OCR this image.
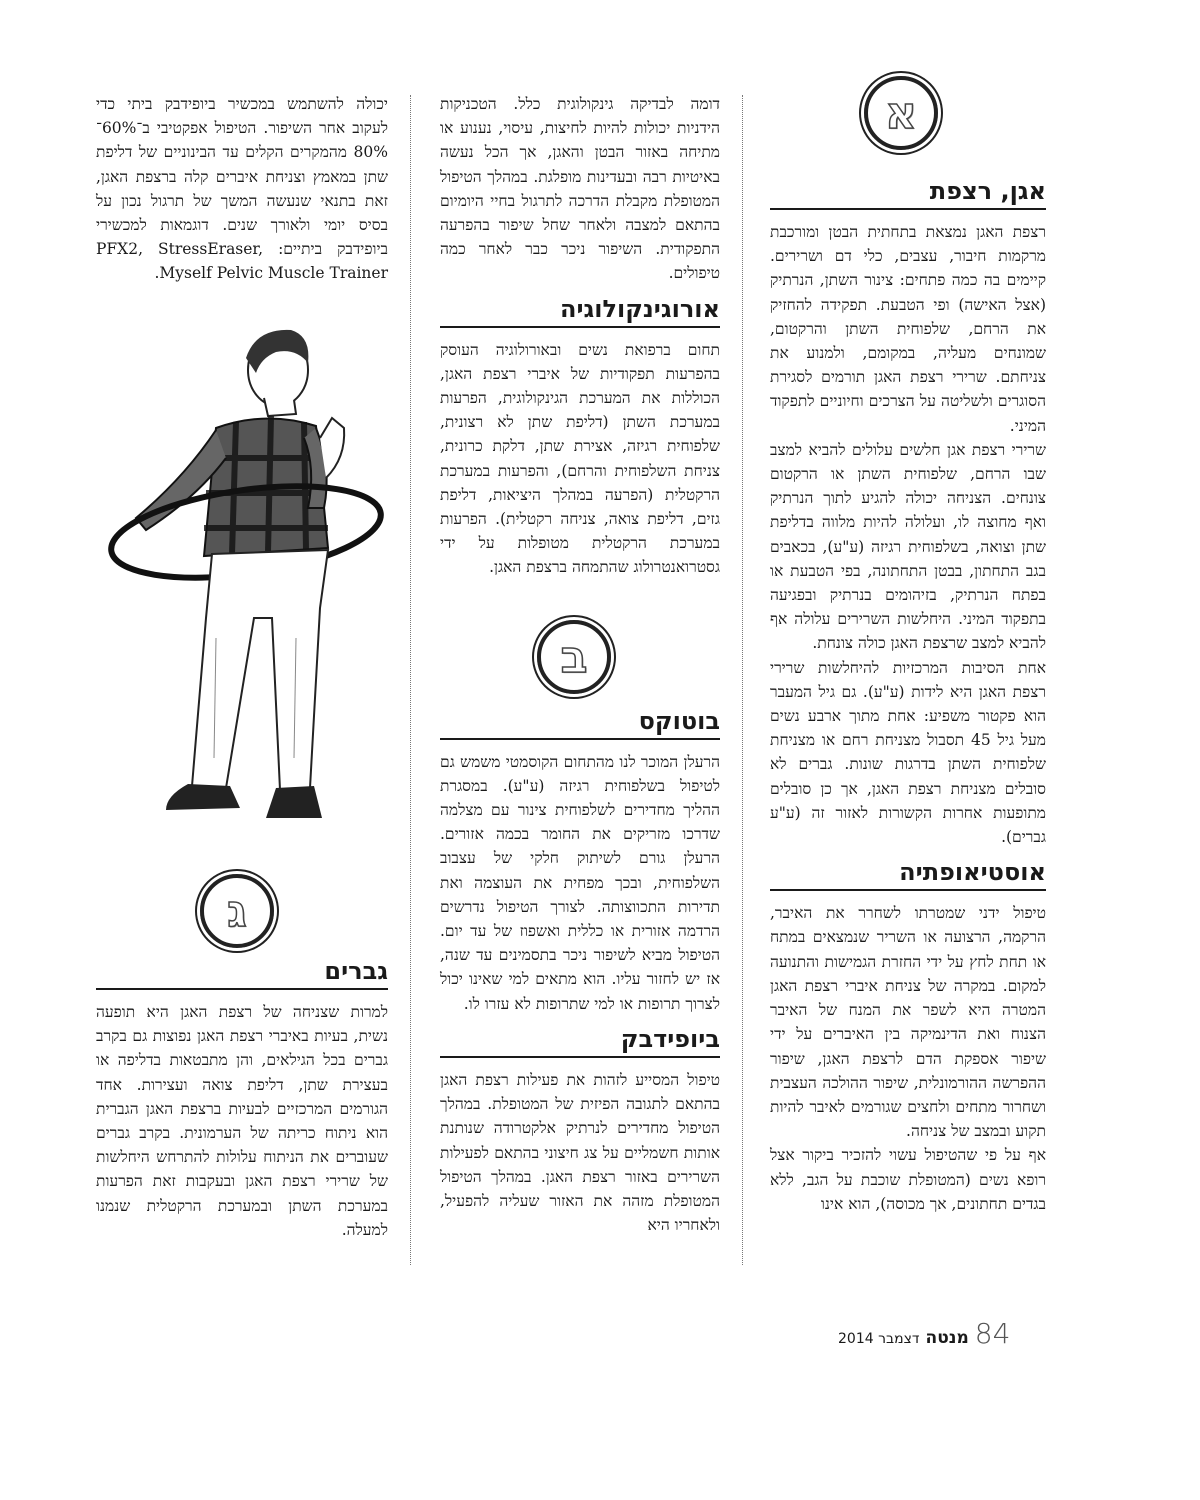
א
אגן, רצפת

רצפת האגן נמצאת בתחתית הבטן ומורכבת מרקמות חיבור, עצבים, כלי דם ושרירים. קיימים בה כמה פתחים: צינור השתן, הנרתיק (אצל האישה) ופי הטבעת. תפקידה להחזיק את הרחם, שלפוחית השתן והרקטום, שמונחים מעליה, במקומם, ולמנוע את צניחתם. שרירי רצפת האגן תורמים לסגירת הסוגרים ולשליטה על הצרכים וחיוניים לתפקוד המיני.

שרירי רצפת אגן חלשים עלולים להביא למצב שבו הרחם, שלפוחית השתן או הרקטום צונחים. הצניחה יכולה להגיע לתוך הנרתיק ואף מחוצה לו, ועלולה להיות מלווה בדליפת שתן וצואה, בשלפוחית רגיזה (ע"ע), בכאבים בגב התחתון, בבטן התחתונה, בפי הטבעת או בפתח הנרתיק, בזיהומים בנרתיק ובפגיעה בתפקוד המיני. היחלשות השרירים עלולה אף להביא למצב שרצפת האגן כולה צונחת.

אחת הסיבות המרכזיות להיחלשות שרירי רצפת האגן היא לידות (ע"ע). גם גיל המעבר הוא פקטור משפיע: אחת מתוך ארבע נשים מעל גיל 45 תסבול מצניחת רחם או מצניחת שלפוחית השתן בדרגות שונות. גברים לא סובלים מצניחת רצפת האגן, אך כן סובלים מתופעות אחרות הקשורות לאזור זה (ע"ע גברים).

אוסטיאופתיה

טיפול ידני שמטרתו לשחרר את האיבר, הרקמה, הרצועה או השריר שנמצאים במתח או תחת לחץ על ידי החזרת הגמישות והתנועה למקום. במקרה של צניחת איברי רצפת האגן המטרה היא לשפר את המנח של האיבר הצנוח ואת הדינמיקה בין האיברים על ידי שיפור אספקת הדם לרצפת האגן, שיפור ההפרשה ההורמונלית, שיפור ההולכה העצבית ושחרור מתחים ולחצים שגורמים לאיבר להיות תקוע ובמצב של צניחה.

אף על פי שהטיפול עשוי להזכיר ביקור אצל רופא נשים (המטופלת שוכבת על הגב, ללא בגדים תחתונים, אך מכוסה), הוא אינו

דומה לבדיקה גינקולוגית כלל. הטכניקות הידניות יכולות להיות לחיצות, עיסוי, נענוע או מתיחה באזור הבטן והאגן, אך הכל נעשה באיטיות רבה ובעדינות מופלגת. במהלך הטיפול המטופלת מקבלת הדרכה לתרגול בחיי היומיום בהתאם למצבה ולאחר שחל שיפור בהפרעה התפקודית. השיפור ניכר כבר לאחר כמה טיפולים.

אורוגינקולוגיה

תחום ברפואת נשים ובאורולוגיה העוסק בהפרעות תפקודיות של איברי רצפת האגן, הכוללות את המערכת הגינקולוגית, הפרעות במערכת השתן (דליפת שתן לא רצונית, שלפוחית רגיזה, אצירת שתן, דלקת כרונית, צניחת השלפוחית והרחם), והפרעות במערכת הרקטלית (הפרעה במהלך היציאות, דליפת גזים, דליפת צואה, צניחה רקטלית). הפרעות במערכת הרקטלית מטופלות על ידי גסטרואנטרולוג שהתמחה ברצפת האגן.

בוטוקס

הרעלן המוכר לנו מהתחום הקוסמטי משמש גם לטיפול בשלפוחית רגיזה (ע"ע). במסגרת ההליך מחדירים לשלפוחית צינור עם מצלמה שדרכו מזריקים את החומר בכמה אזורים. הרעלן גורם לשיתוק חלקי של עצבוב השלפוחית, ובכך מפחית את העוצמה ואת תדירות התכווצותה. לצורך הטיפול נדרשים הרדמה אזורית או כללית ואשפוז של עד יום. הטיפול מביא לשיפור ניכר בתסמינים עד שנה, אז יש לחזור עליו. הוא מתאים למי שאינו יכול לצרוך תרופות או למי שתרופות לא עזרו לו.

ביופידבק

טיפול המסייע לזהות את פעילות רצפת האגן בהתאם לתגובה הפיזית של המטופלת. במהלך הטיפול מחדירים לנרתיק אלקטרודה שנותנת אותות חשמליים על צג חיצוני בהתאם לפעילות השרירים באזור רצפת האגן. במהלך הטיפול המטופלת מזהה את האזור שעליה להפעיל, ולאחריו היא

ב

יכולה להשתמש במכשיר ביופידבק ביתי כדי לעקוב אחר השיפור. הטיפול אפקטיבי ב־60%־80% מהמקרים הקלים עד הבינוניים של דליפת שתן במאמץ וצניחת איברים קלה ברצפת האגן, זאת בתנאי שנעשה המשך של תרגול נכון על בסיס יומי ולאורך שנים. דוגמאות למכשירי ביופידבק ביתיים: PFX2, StressEraser, Myself Pelvic Muscle Trainer.

ג
גברים

למרות שצניחה של רצפת האגן היא תופעה נשית, בעיות באיברי רצפת האגן נפוצות גם בקרב גברים בכל הגילאים, והן מתבטאות בדליפה או בעצירת שתן, דליפת צואה ועצירות. אחד הגורמים המרכזיים לבעיות ברצפת האגן הגברית הוא ניתוח כריתה של הערמונית. בקרב גברים שעוברים את הניתוח עלולות להתרחש היחלשות של שרירי רצפת האגן ובעקבות זאת הפרעות במערכת השתן ובמערכת הרקטלית שנמנו למעלה.

84
מנטה
דצמבר 2014
